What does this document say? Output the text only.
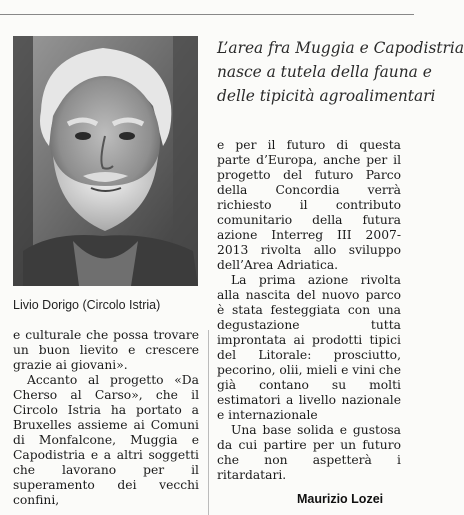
Livio Dorigo (Circolo Istria)

e culturale che possa trovare un buon lievito e crescere grazie ai giovani».

Accanto al progetto «Da Cherso al Carso», che il Circolo Istria ha portato a Bruxelles assieme ai Comuni di Monfalcone, Muggia e Capodistria e a altri soggetti che lavorano per il superamento dei vecchi confini,

L’area fra Muggia e Capodistria
nasce a tutela della fauna e
delle tipicità agroalimentari

e per il futuro di questa parte d’Europa, anche per il progetto del futuro Parco della Concordia verrà richiesto il contributo comunitario della futura azione Interreg III 2007-2013 rivolta allo sviluppo dell’Area Adriatica.

La prima azione rivolta alla nascita del nuovo parco è stata festeggiata con una degustazione tutta improntata ai prodotti tipici del Litorale: prosciutto, pecorino, olii, mieli e vini che già contano su molti estimatori a livello nazionale e internazionale

Una base solida e gustosa da cui partire per un futuro che non aspetterà i ritardatari.

Maurizio Lozei
